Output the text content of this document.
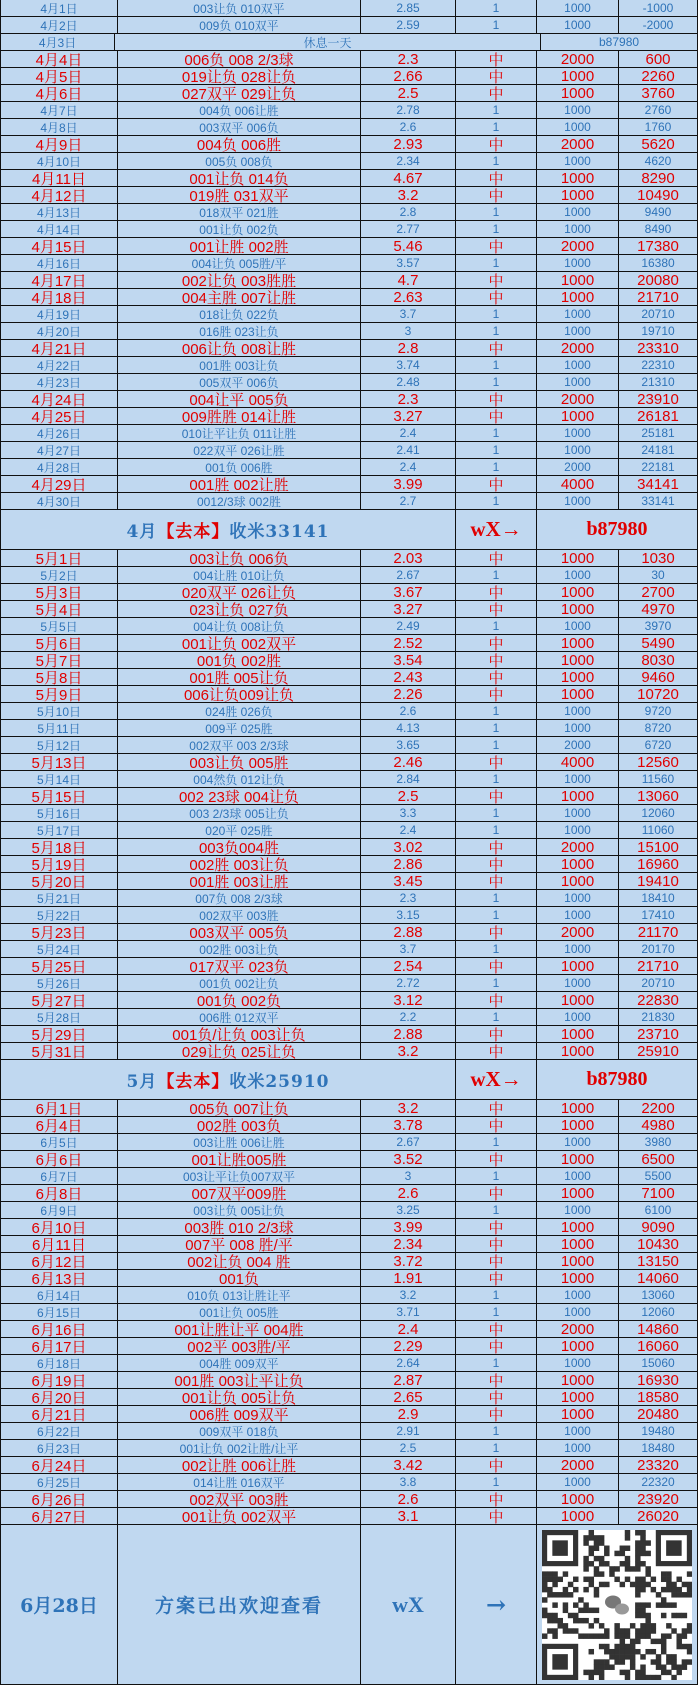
4月1日	003让负 010双平	2.85	1	1000	-1000
4月2日	009负 010双平	2.59	1	1000	-2000
4月3日	休息一天	b87980
4月4日	006负 008 2/3球	2.3	中	2000	600
4月5日	019让负 028让负	2.66	中	1000	2260
4月6日	027双平 029让负	2.5	中	1000	3760
4月7日	004负 006让胜	2.78	1	1000	2760
4月8日	003双平 006负	2.6	1	1000	1760
4月9日	004负 006胜	2.93	中	2000	5620
4月10日	005负 008负	2.34	1	1000	4620
4月11日	001让负 014负	4.67	中	1000	8290
4月12日	019胜 031双平	3.2	中	1000	10490
4月13日	018双平 021胜	2.8	1	1000	9490
4月14日	001让负 002负	2.77	1	1000	8490
4月15日	001让胜 002胜	5.46	中	2000	17380
4月16日	004让负 005胜/平	3.57	1	1000	16380
4月17日	002让负 003胜胜	4.7	中	1000	20080
4月18日	004主胜 007让胜	2.63	中	1000	21710
4月19日	018让负 022负	3.7	1	1000	20710
4月20日	016胜 023让负	3	1	1000	19710
4月21日	006让负 008让胜	2.8	中	2000	23310
4月22日	001胜 003让负	3.74	1	1000	22310
4月23日	005双平 006负	2.48	1	1000	21310
4月24日	004让平 005负	2.3	中	2000	23910
4月25日	009胜胜 014让胜	3.27	中	1000	26181
4月26日	010让平让负 011让胜	2.4	1	1000	25181
4月27日	022双平 026让胜	2.41	1	1000	24181
4月28日	001负 006胜	2.4	1	2000	22181
4月29日	001胜 002让胜	3.99	中	4000	34141
4月30日	0012/3球 002胜	2.7	1	1000	33141
4月【去本】收米33141	wX→	b87980
5月1日	003让负 006负	2.03	中	1000	1030
5月2日	004让胜 010让负	2.67	1	1000	30
5月3日	020双平 026让负	3.67	中	1000	2700
5月4日	023让负 027负	3.27	中	1000	4970
5月5日	004让负 008让负	2.49	1	1000	3970
5月6日	001让负 002双平	2.52	中	1000	5490
5月7日	001负 002胜	3.54	中	1000	8030
5月8日	001胜 005让负	2.43	中	1000	9460
5月9日	006让负009让负	2.26	中	1000	10720
5月10日	024胜 026负	2.6	1	1000	9720
5月11日	009平 025胜	4.13	1	1000	8720
5月12日	002双平 003 2/3球	3.65	1	2000	6720
5月13日	003让负 005胜	2.46	中	4000	12560
5月14日	004然负 012让负	2.84	1	1000	11560
5月15日	002 23球 004让负	2.5	中	1000	13060
5月16日	003 2/3球 005让负	3.3	1	1000	12060
5月17日	020平 025胜	2.4	1	1000	11060
5月18日	003负004胜	3.02	中	2000	15100
5月19日	002胜 003让负	2.86	中	1000	16960
5月20日	001胜 003让胜	3.45	中	1000	19410
5月21日	007负 008 2/3球	2.3	1	1000	18410
5月22日	002双平 003胜	3.15	1	1000	17410
5月23日	003双平 005负	2.88	中	2000	21170
5月24日	002胜 003让负	3.7	1	1000	20170
5月25日	017双平 023负	2.54	中	1000	21710
5月26日	001负 002让负	2.72	1	1000	20710
5月27日	001负 002负	3.12	中	1000	22830
5月28日	006胜 012双平	2.2	1	1000	21830
5月29日	001负/让负 003让负	2.88	中	1000	23710
5月31日	029让负 025让负	3.2	中	1000	25910
5月【去本】收米25910	wX→	b87980
6月1日	005负 007让负	3.2	中	1000	2200
6月4日	002胜 003负	3.78	中	1000	4980
6月5日	003让胜 006让胜	2.67	1	1000	3980
6月6日	001让胜005胜	3.52	中	1000	6500
6月7日	003让平让负007双平	3	1	1000	5500
6月8日	007双平009胜	2.6	中	1000	7100
6月9日	003让负 005让负	3.25	1	1000	6100
6月10日	003胜 010 2/3球	3.99	中	1000	9090
6月11日	007平 008 胜/平	2.34	中	1000	10430
6月12日	002让负 004 胜	3.72	中	1000	13150
6月13日	001负	1.91	中	1000	14060
6月14日	010负 013让胜让平	3.2	1	1000	13060
6月15日	001让负 005胜	3.71	1	1000	12060
6月16日	001让胜让平 004胜	2.4	中	2000	14860
6月17日	002平 003胜/平	2.29	中	1000	16060
6月18日	004胜 009双平	2.64	1	1000	15060
6月19日	001胜 003让平让负	2.87	中	1000	16930
6月20日	001让负 005让负	2.65	中	1000	18580
6月21日	006胜 009双平	2.9	中	1000	20480
6月22日	009双平 018负	2.91	1	1000	19480
6月23日	001让负 002让胜/让平	2.5	1	1000	18480
6月24日	002让胜 006让胜	3.42	中	2000	23320
6月25日	014让胜 016双平	3.8	1	1000	22320
6月26日	002双平 003胜	2.6	中	1000	23920
6月27日	001让负 002双平	3.1	中	1000	26020
6月28日	方案已出欢迎查看	wX	→
